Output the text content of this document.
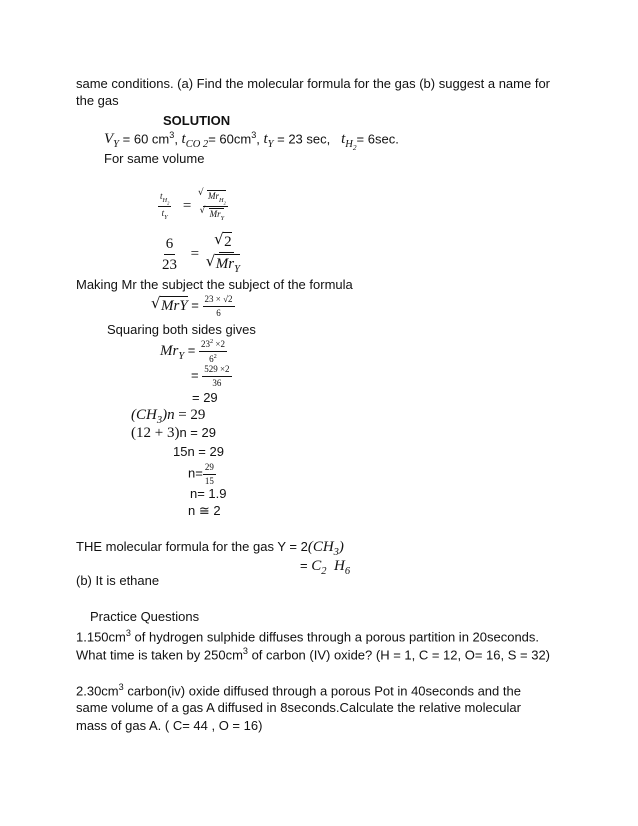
same conditions. (a) Find the molecular formula for the gas (b) suggest a name for
the gas
SOLUTION
$V_Y = 60$ $cm^3$, $t_{CO 2}= 60cm^3$, $t_Y = 23$ sec, $t_{H_2}= 6\sec$.
For same volume
$\frac{t_{H_2}}{t_Y}$ = √ $Mr_{H_2}$
√ $Mr_Y$
$\frac{6}{23}$ = √ 2
√ $Mr_Y$
Making Mr the subject the subject of the formula
√ MrY = $\frac{23 \times √2}{6}$
Squaring both sides gives
$Mr_Y = \frac{23^2 \times 2}{6^2}$
= $\frac{529 \times 2}{36}$
= 29
$(CH_3)n = 29$
(12 + 3)n = 29
15n = 29
$n= \frac{29}{15}$
n= 1.9
n ≅ 2
THE molecular formula for the gas $Y = 2(CH_3)$
= $C_2$  $H_6$
(b) It is ethane
Practice Questions
$1.150cm^3$ of hydrogen sulphide diffuses through a porous partition in 20seconds.
What time is taken by $250cm^3$ of carbon (IV) oxide? (H = 1, C = 12, O= 16, S = 32)
$2.30cm^3$ carbon(iv) oxide diffused through a porous Pot in 40seconds and the
same volume of a gas A diffused in 8seconds.Calculate the relative molecular
mass of gas A. ( C= 44 , O = 16)
